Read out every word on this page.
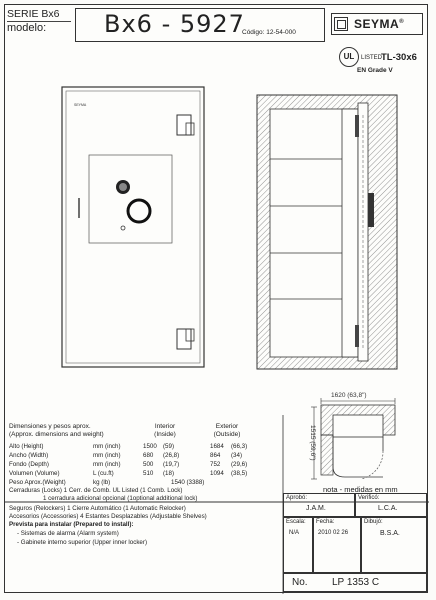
SERIE Bx6
modelo:	Bx6 - 5927
Código: 12-54-000
SEYMA®
UL	LISTED
TL-30x6
EN Grade V
SEYMA
1620 (63,8")
1515 (59,6")
Dimensiones y pesos aprox.
(Approx. dimensions and weight)
Interior
(Inside)
Exterior
(Outside)
Alto (Height)	mm (inch)	1500 (59)	1684 (66,3)
Ancho (Width)	mm (inch)	680 (26,8)	864 (34)
Fondo (Depth)	mm (inch)	500 (19,7)	752 (29,6)
Volumen (Volume)	L (cu.ft)	510 (18)	1094 (38,5)
Peso Aprox.(Weight)	kg (lb)	1540 (3388)
Cerraduras (Locks) 1 Cerr. de Comb. UL Listed (1 Comb. Lock)
1 cerradura adicional opcional (1optional additional lock)
Seguros (Relockers) 1 Cierre Automático (1 Automatic Relocker)
Accesorios (Accessories) 4 Estantes Desplazables (Adjustable Shelves)
Prevista para instalar (Prepared to install):
- Sistemas de alarma (Alarm system)
- Gabinete interno superior (Upper inner locker)
nota - medidas en mm
Aprobó:
J.A.M.
Verificó:
L.C.A.
Escala:
N/A
Fecha:
2010 02 26
Dibujó:
B.S.A.
No. LP 1353 C
